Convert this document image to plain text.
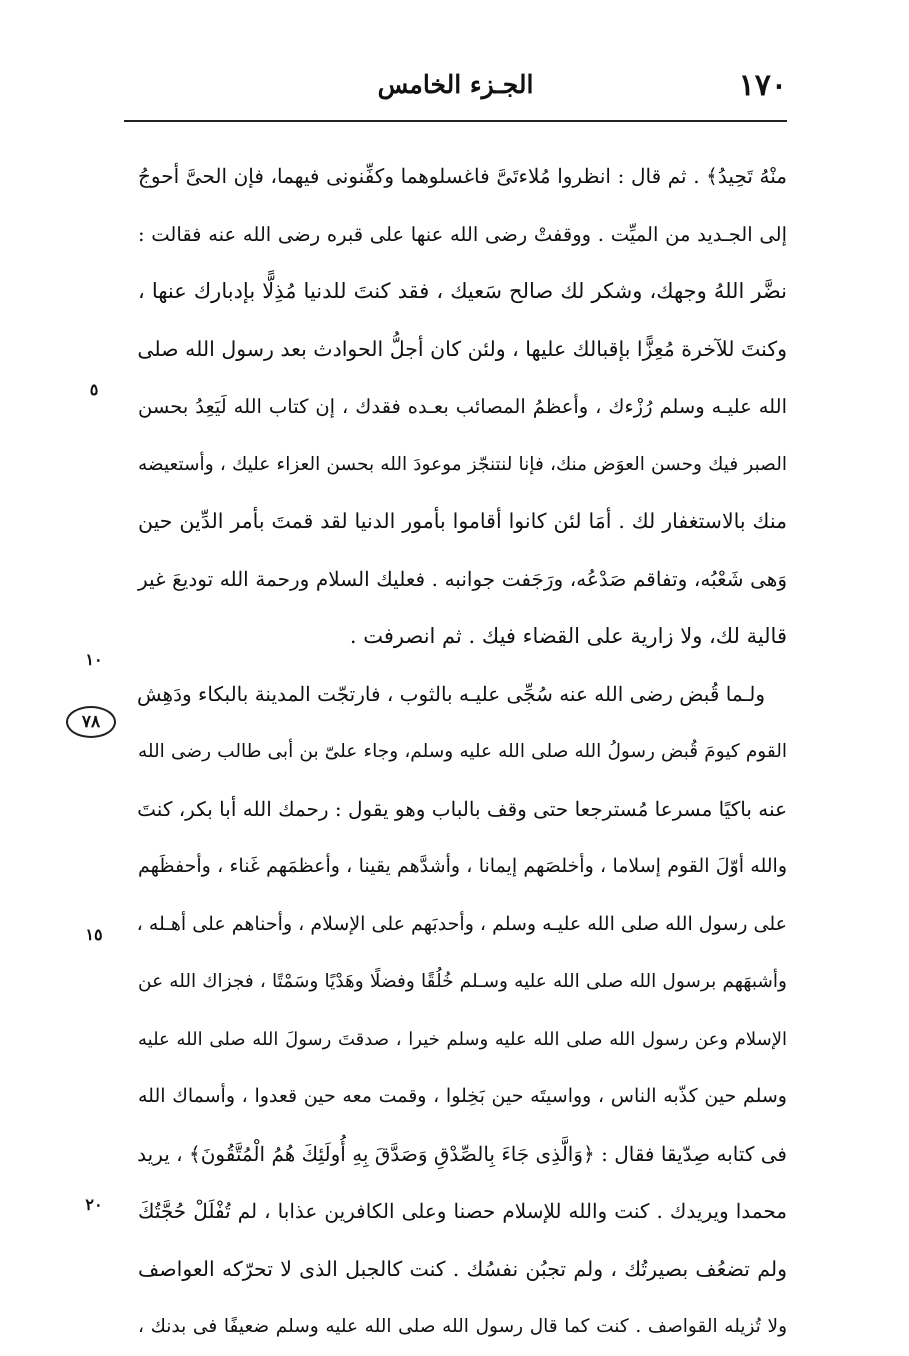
١٧٠
الجـزء الخامس
٥
١٠
١٥
٢٠
٧٨
منْهُ تَحِيدُ﴾ . ثم قال : انظروا مُلاءتَىَّ فاغسلوهما وكفِّنونى فيهما، فإن الحىَّ أحوجُ
إلى الجـديد من الميِّت . ووقفتْ رضى الله عنها على قبره رضى الله عنه فقالت :
نضَّر اللهُ وجهك، وشكر لك صالح سَعيك ، فقد كنتَ للدنيا مُذِلًّا بإدبارك عنها ،
وكنتَ للآخرة مُعِزًّا بإقبالك عليها ، ولئن كان أجلُّ الحوادث بعد رسول الله صلى
الله عليـه وسلم رُزْءك ، وأعظمُ المصائب بعـده فقدك ، إن كتاب الله لَيَعِدُ بحسن
الصبر فيك وحسن العوَض منك، فإنا لنتنجّز موعودَ الله بحسن العزاء عليك ، وأستعيضه
منك بالاستغفار لك . أمَا لئن كانوا أقاموا بأمور الدنيا لقد قمتَ بأمر الدِّين حين
وَهى شَعْبُه، وتفاقم صَدْعُه، ورَجَفت جوانبه . فعليك السلام ورحمة الله توديعَ غير
قالية لك، ولا زارية على القضاء فيك . ثم انصرفت .
ولـما قُبض رضى الله عنه سُجِّى عليـه بالثوب ، فارتجّت المدينة بالبكاء ودَهِش
القوم كيومَ قُبض رسولُ الله صلى الله عليه وسلم، وجاء علىّ بن أبى طالب رضى الله
عنه باكيًا مسرعا مُسترجعا حتى وقف بالباب وهو يقول : رحمك الله أبا بكر، كنتَ
والله أوّلَ القوم إسلاما ، وأخلصَهم إيمانا ، وأشدَّهم يقينا ، وأعظمَهم غَناء ، وأحفظَهم
على رسول الله صلى الله عليـه وسلم ، وأحدبَهم على الإسلام ، وأحناهم على أهـله ،
وأشبهَهم برسول الله صلى الله عليه وسـلم خُلُقًا وفضلًا وهَدْيًا وسَمْتًا ، فجزاك الله عن
الإسلام وعن رسول الله صلى الله عليه وسلم خيرا ، صدقتَ رسولَ الله صلى الله عليه
وسلم حين كذّبه الناس ، وواسيتَه حين بَخِلوا ، وقمت معه حين قعدوا ، وأسماك الله
فى كتابه صِدّيقا فقال : ﴿وَالَّذِى جَاءَ بِالصِّدْقِ وَصَدَّقَ بِهِ أُولَئِكَ هُمُ الْمُتَّقُونَ﴾ ، يريد
محمدا ويريدك . كنت والله للإسلام حصنا وعلى الكافرين عذابا ، لم تُفْلَلْ حُجَّتُكَ
ولم تضعُف بصيرتُك ، ولم تجبُن نفسُك . كنت كالجبل الذى لا تحرّكه العواصف
ولا تُزيله القواصف . كنت كما قال رسول الله صلى الله عليه وسلم ضعيفًا فى بدنك ،
